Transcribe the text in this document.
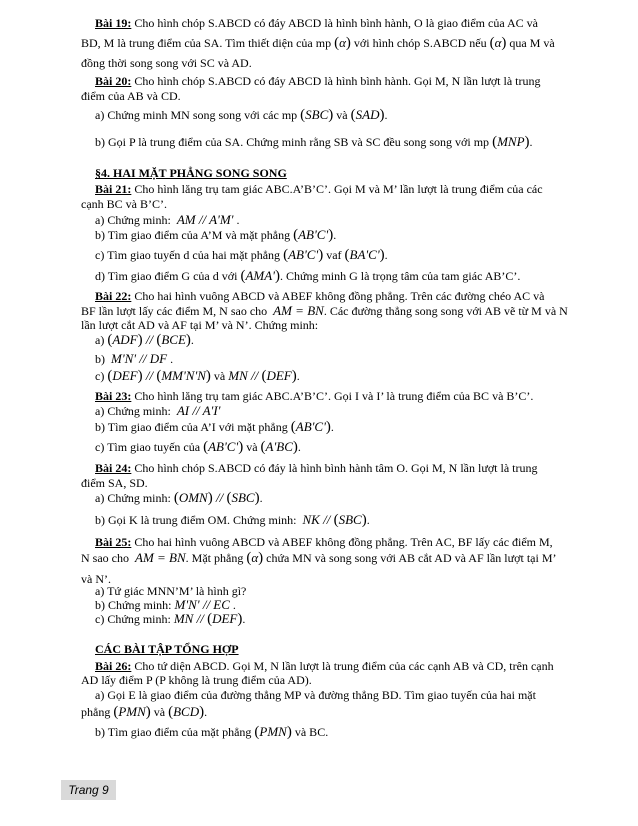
Bài 19: Cho hình chóp S.ABCD có đáy ABCD là hình bình hành, O là giao điểm của AC và
BD, M là trung điểm của SA. Tìm thiết diện của mp (α) với hình chóp S.ABCD nếu (α) qua M và
đồng thời song song với SC và AD.
Bài 20: Cho hình chóp S.ABCD có đáy ABCD là hình bình hành. Gọi M, N lần lượt là trung
điểm của AB và CD.
a) Chứng minh MN song song với các mp (SBC) và (SAD).
b) Gọi P là trung điểm của SA. Chứng minh rằng SB và SC đều song song với mp (MNP).
§4. HAI MẶT PHẲNG SONG SONG
Bài 21: Cho hình lăng trụ tam giác ABC.A’B’C’. Gọi M và M’ lần lượt là trung điểm của các
cạnh BC và B’C’.
a) Chứng minh: AM // A'M' .
b) Tìm giao điểm của A’M và mặt phẳng (AB'C').
c) Tìm giao tuyến d của hai mặt phẳng (AB'C') vaf (BA'C').
d) Tìm giao điểm G của d với (AMA'). Chứng minh G là trọng tâm của tam giác AB’C’.
Bài 22: Cho hai hình vuông ABCD và ABEF không đồng phẳng. Trên các đường chéo AC và
BF lần lượt lấy các điểm M, N sao cho AM = BN. Các đường thẳng song song với AB vẽ từ M và N
lần lượt cắt AD và AF tại M’ và N’. Chứng minh:
a) (ADF) // (BCE).
b) M'N' // DF .
c) (DEF) // (MM'N'N) và MN // (DEF).
Bài 23: Cho hình lăng trụ tam giác ABC.A’B’C’. Gọi I và I’ là trung điểm của BC và B’C’.
a) Chứng minh: AI // A'I'
b) Tìm giao điểm của A’I với mặt phẳng (AB'C').
c) Tìm giao tuyến của (AB'C') và (A'BC).
Bài 24: Cho hình chóp S.ABCD có đáy là hình bình hành tâm O. Gọi M, N lần lượt là trung
điểm SA, SD.
a) Chứng minh: (OMN) // (SBC).
b) Gọi K là trung điểm OM. Chứng minh: NK // (SBC).
Bài 25: Cho hai hình vuông ABCD và ABEF không đồng phẳng. Trên AC, BF lấy các điểm M,
N sao cho AM = BN. Mặt phẳng (α) chứa MN và song song với AB cắt AD và AF lần lượt tại M’
và N’.
a) Tứ giác MNN’M’ là hình gì?
b) Chứng minh: M'N' // EC .
c) Chứng minh: MN // (DEF).
CÁC BÀI TẬP TỔNG HỢP
Bài 26: Cho tứ diện ABCD. Gọi M, N lần lượt là trung điểm của các cạnh AB và CD, trên cạnh
AD lấy điểm P (P không là trung điểm của AD).
a) Gọi E là giao điểm của đường thẳng MP và đường thẳng BD. Tìm giao tuyến của hai mặt
phẳng (PMN) và (BCD).
b) Tìm giao điểm của mặt phẳng (PMN) và BC.
Trang 9
